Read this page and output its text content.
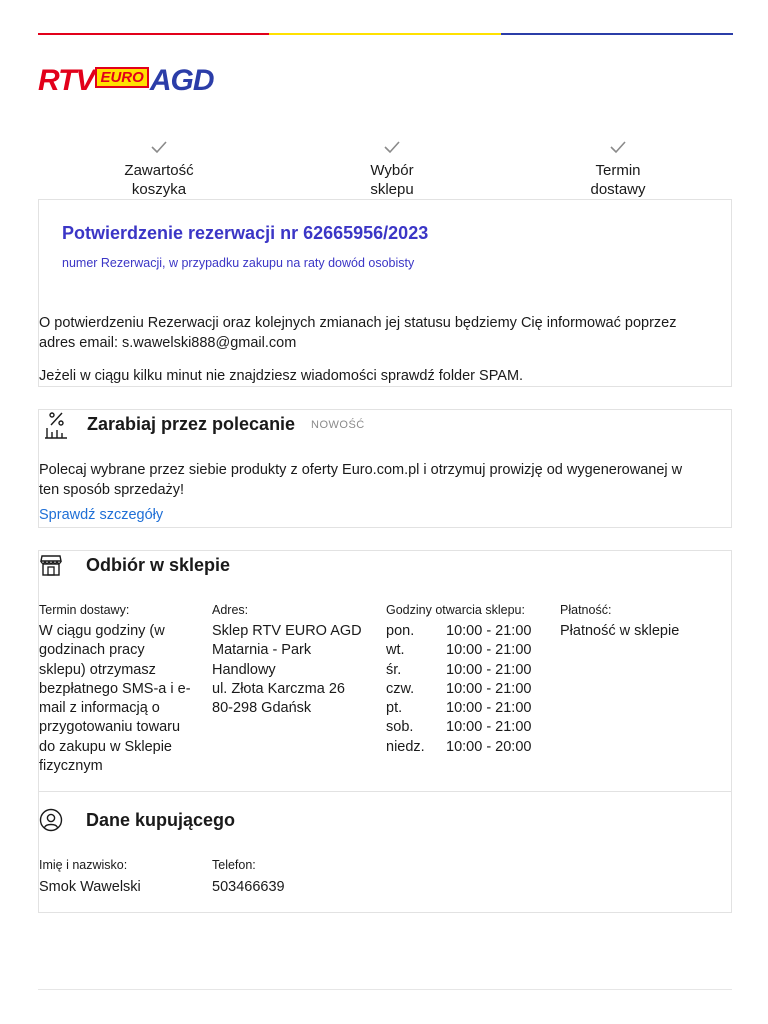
RTV EURO AGD
Zawartość
koszyka
Wybór
sklepu
Termin
dostawy
Potwierdzenie rezerwacji nr 62665956/2023
numer Rezerwacji, w przypadku zakupu na raty dowód osobisty
O potwierdzeniu Rezerwacji oraz kolejnych zmianach jej statusu będziemy Cię informować poprzez
adres email: s.wawelski888@gmail.com
Jeżeli w ciągu kilku minut nie znajdziesz wiadomości sprawdź folder SPAM.
Zarabiaj przez polecanie NOWOŚĆ
Polecaj wybrane przez siebie produkty z oferty Euro.com.pl i otrzymuj prowizję od wygenerowanej w
ten sposób sprzedaży!
Sprawdź szczegóły
Odbiór w sklepie
Termin dostawy:
W ciągu godziny (w
godzinach pracy
sklepu) otrzymasz
bezpłatnego SMS-a i e-
mail z informacją o
przygotowaniu towaru
do zakupu w Sklepie
fizycznym
Adres:
Sklep RTV EURO AGD
Matarnia - Park
Handlowy
ul. Złota Karczma 26
80-298 Gdańsk
Godziny otwarcia sklepu:
pon.	10:00 - 21:00
wt.	10:00 - 21:00
śr.	10:00 - 21:00
czw.	10:00 - 21:00
pt.	10:00 - 21:00
sob.	10:00 - 21:00
niedz.	10:00 - 20:00
Płatność:
Płatność w sklepie
Dane kupującego
Imię i nazwisko:
Smok Wawelski
Telefon:
503466639
